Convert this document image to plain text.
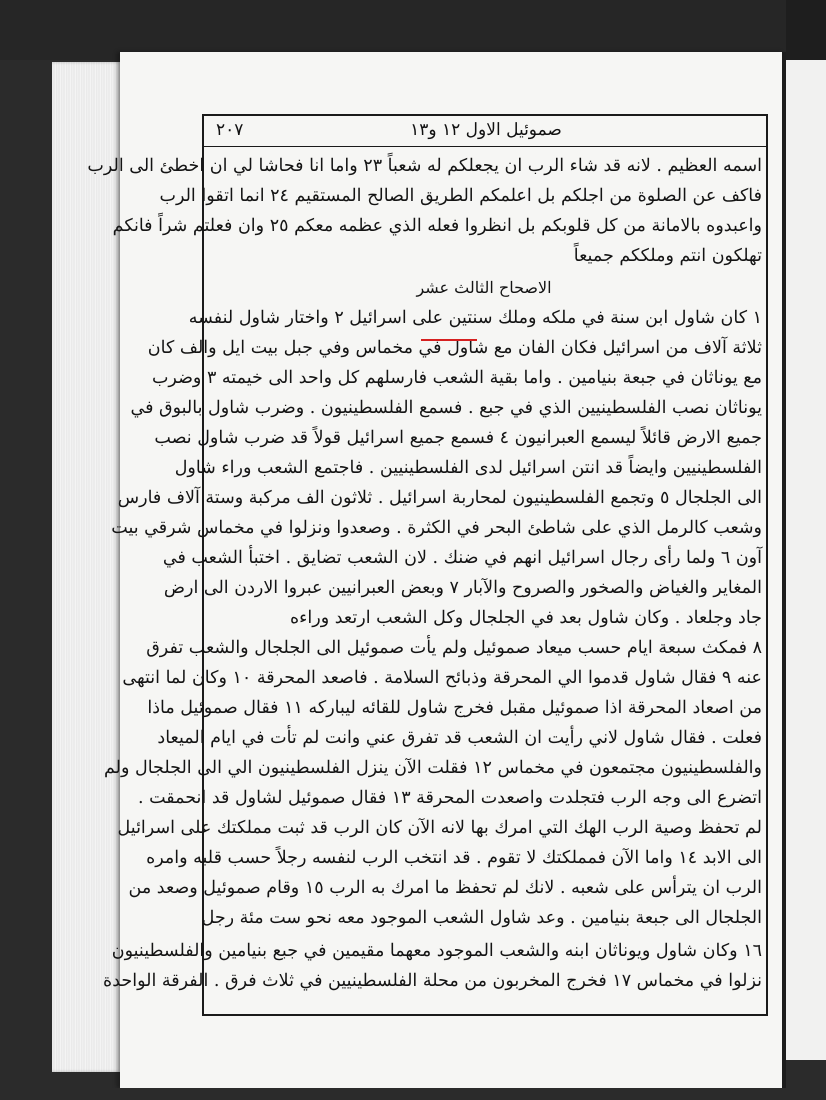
٢٠٧	صموئيل الاول ١٢ و١٣
اسمه العظيم . لانه قد شاء الرب ان يجعلكم له شعباً ٢٣ واما انا فحاشا لي ان اخطئ الى الرب
فاكف عن الصلوة من اجلكم بل اعلمكم الطريق الصالح المستقيم ٢٤ انما اتقوا الرب
واعبدوه بالامانة من كل قلوبكم بل انظروا فعله الذي عظمه معكم ٢٥ وان فعلتم شراً فانكم
تهلكون انتم وملككم جميعاً
الاصحاح الثالث عشر
١ كان شاول ابن سنة في ملكه وملك سنتين على اسرائيل ٢ واختار شاول لنفسه
ثلاثة آلاف من اسرائيل فكان الفان مع شاول في مخماس وفي جبل بيت ايل والف كان
مع يوناثان في جبعة بنيامين . واما بقية الشعب فارسلهم كل واحد الى خيمته ٣ وضرب
يوناثان نصب الفلسطينيين الذي في جبع . فسمع الفلسطينيون . وضرب شاول بالبوق في
جميع الارض قائلاً ليسمع العبرانيون ٤ فسمع جميع اسرائيل قولاً قد ضرب شاول نصب
الفلسطينيين وايضاً قد انتن اسرائيل لدى الفلسطينيين . فاجتمع الشعب وراء شاول
الى الجلجال ٥ وتجمع الفلسطينيون لمحاربة اسرائيل . ثلاثون الف مركبة وستة آلاف فارس
وشعب كالرمل الذي على شاطئ البحر في الكثرة . وصعدوا ونزلوا في مخماس شرقي بيت
آون ٦ ولما رأى رجال اسرائيل انهم في ضنك . لان الشعب تضايق . اختبأ الشعب في
المغاير والغياض والصخور والصروح والآبار ٧ وبعض العبرانيين عبروا الاردن الى ارض
جاد وجلعاد . وكان شاول بعد في الجلجال وكل الشعب ارتعد وراءه
٨ فمكث سبعة ايام حسب ميعاد صموئيل ولم يأت صموئيل الى الجلجال والشعب تفرق
عنه ٩ فقال شاول قدموا الي المحرقة وذبائح السلامة . فاصعد المحرقة ١٠ وكان لما انتهى
من اصعاد المحرقة اذا صموئيل مقبل فخرج شاول للقائه ليباركه ١١ فقال صموئيل ماذا
فعلت . فقال شاول لاني رأيت ان الشعب قد تفرق عني وانت لم تأت في ايام الميعاد
والفلسطينيون مجتمعون في مخماس ١٢ فقلت الآن ينزل الفلسطينيون الي الى الجلجال ولم
اتضرع الى وجه الرب فتجلدت واصعدت المحرقة ١٣ فقال صموئيل لشاول قد انحمقت .
لم تحفظ وصية الرب الهك التي امرك بها لانه الآن كان الرب قد ثبت مملكتك على اسرائيل
الى الابد ١٤ واما الآن فمملكتك لا تقوم . قد انتخب الرب لنفسه رجلاً حسب قلبه وامره
الرب ان يترأس على شعبه . لانك لم تحفظ ما امرك به الرب ١٥ وقام صموئيل وصعد من
الجلجال الى جبعة بنيامين . وعد شاول الشعب الموجود معه نحو ست مئة رجل
١٦ وكان شاول ويوناثان ابنه والشعب الموجود معهما مقيمين في جبع بنيامين والفلسطينيون
نزلوا في مخماس ١٧ فخرج المخربون من محلة الفلسطينيين في ثلاث فرق . الفرقة الواحدة
